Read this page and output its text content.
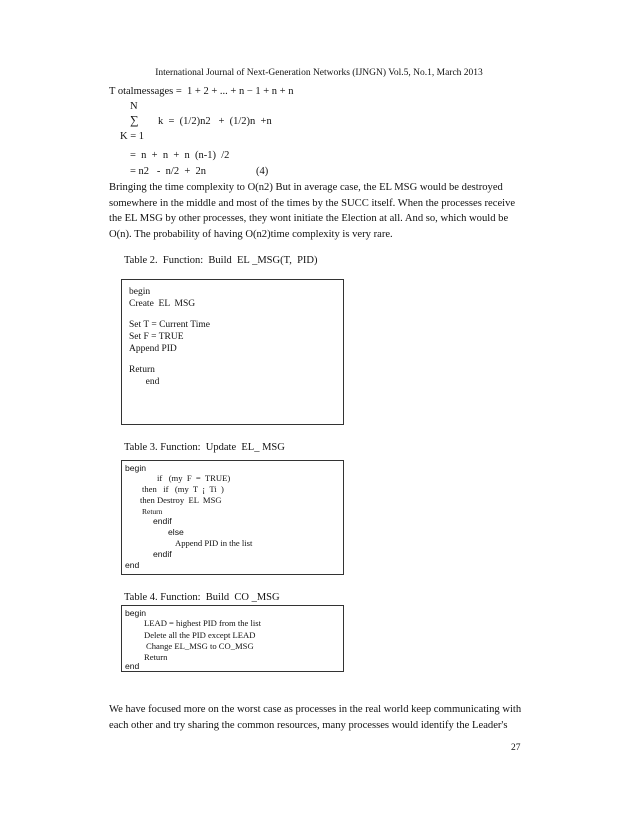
International Journal of Next-Generation Networks (IJNGN) Vol.5, No.1, March 2013
T otalmessages =  1 + 2 + ... + n − 1 + n + n
N
∑ k  =  (1/2)n2   +  (1/2)n  +n
K = 1
=  n  +  n  +  n  (n-1)  /2
= n2   -  n/2  +  2n	(4)

Bringing the time complexity to O(n2) But in average case, the EL MSG would be destroyed

somewhere in the middle and most of the times by the SUCC itself. When the processes receive

the EL MSG by other processes, they wont initiate the Election at all. And so, which would be

O(n). The probability of having O(n2)time complexity is very rare.

Table 2.  Function:  Build  EL _MSG(T,  PID)
begin
Create  EL  MSG
Set T = Current Time
Set F = TRUE
Append PID
Return
end
Table 3. Function:  Update  EL_ MSG
begin
if   (my  F  =  TRUE)
then   if   (my  T  ¡  Ti  )
then Destroy  EL  MSG
Return
endif
else
Append PID in the list
endif
end
Table 4. Function:  Build  CO _MSG
begin
LEAD = highest PID from the list
Delete all the PID except LEAD
Change EL_MSG to CO_MSG
Return
end

We have focused more on the worst case as processes in the real world keep communicating with

each other and try sharing the common resources, many processes would identify the Leader's

27
